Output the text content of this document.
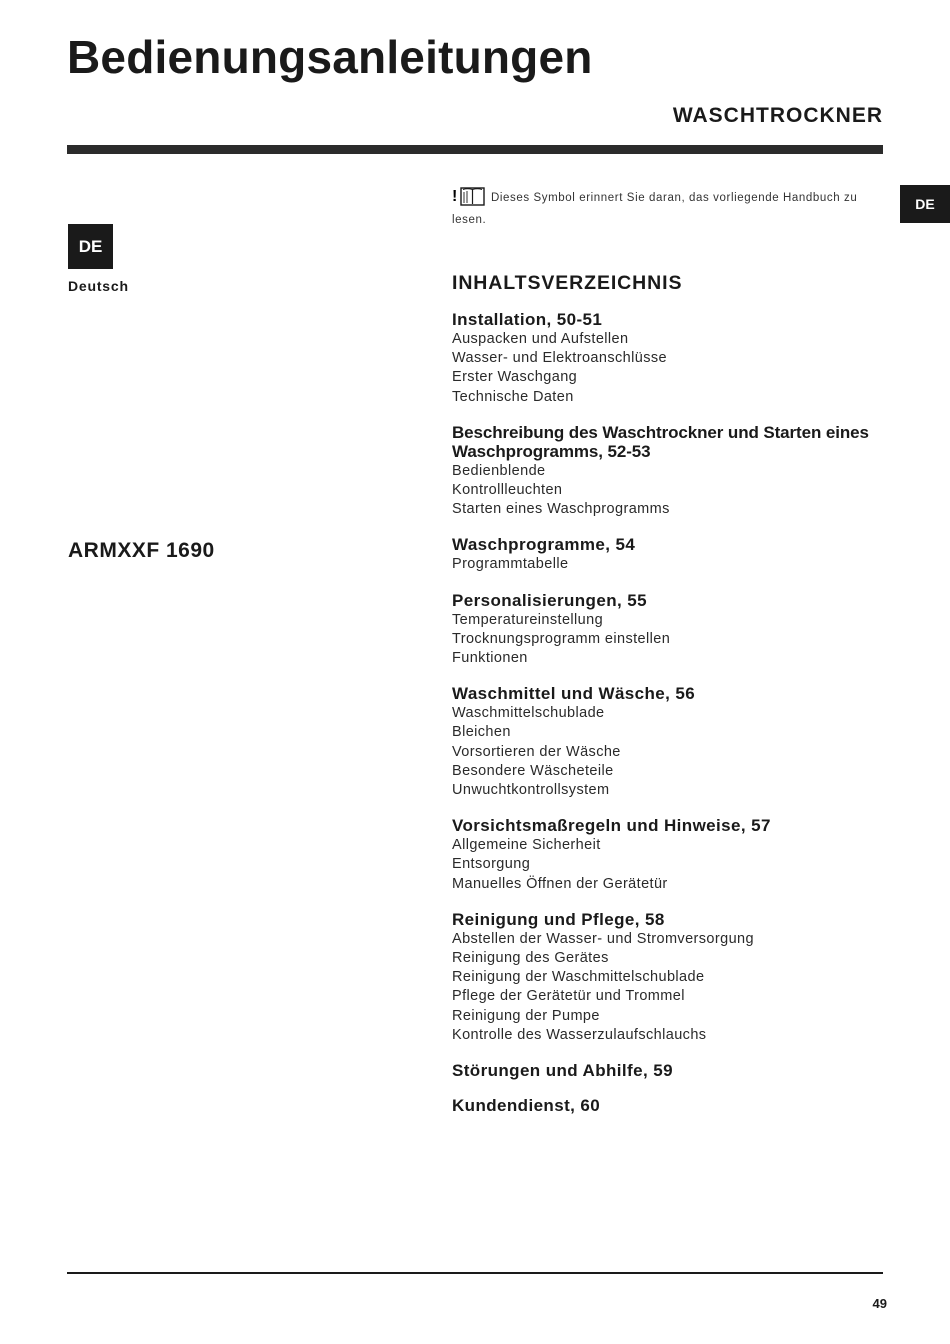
Bedienungsanleitungen
WASCHTROCKNER
DE
DE
Deutsch
ARMXXF 1690
!	Dieses Symbol erinnert Sie daran, das vorliegende Handbuch zu lesen.
INHALTSVERZEICHNIS
Installation, 50-51
Auspacken und Aufstellen
Wasser- und Elektroanschlüsse
Erster Waschgang
Technische Daten
Beschreibung des Waschtrockner und Starten eines Waschprogramms, 52-53
Bedienblende
Kontrollleuchten
Starten eines Waschprogramms
Waschprogramme, 54
Programmtabelle
Personalisierungen, 55
Temperatureinstellung
Trocknungsprogramm einstellen
Funktionen
Waschmittel und Wäsche, 56
Waschmittelschublade
Bleichen
Vorsortieren der Wäsche
Besondere Wäscheteile
Unwuchtkontrollsystem
Vorsichtsmaßregeln und Hinweise, 57
Allgemeine Sicherheit
Entsorgung
Manuelles Öffnen der Gerätetür
Reinigung und Pflege, 58
Abstellen der Wasser- und Stromversorgung
Reinigung des Gerätes
Reinigung der Waschmittelschublade
Pflege der Gerätetür und Trommel
Reinigung der Pumpe
Kontrolle des Wasserzulaufschlauchs
Störungen und Abhilfe, 59
Kundendienst, 60
49
